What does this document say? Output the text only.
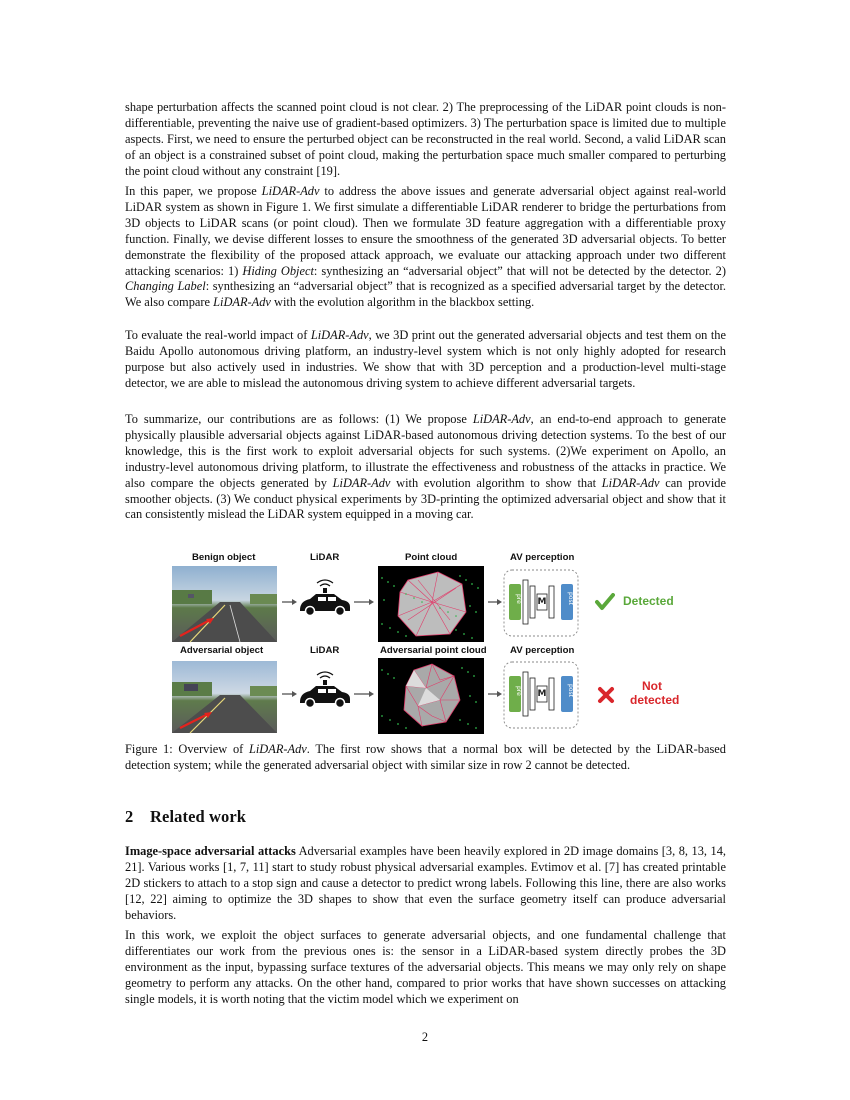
shape perturbation affects the scanned point cloud is not clear. 2) The preprocessing of the LiDAR point clouds is non-differentiable, preventing the naive use of gradient-based optimizers. 3) The perturbation space is limited due to multiple aspects. First, we need to ensure the perturbed object can be reconstructed in the real world. Second, a valid LiDAR scan of an object is a constrained subset of point cloud, making the perturbation space much smaller compared to perturbing the point cloud without any constraint [19].

In this paper, we propose LiDAR-Adv to address the above issues and generate adversarial object against real-world LiDAR system as shown in Figure 1. We first simulate a differentiable LiDAR renderer to bridge the perturbations from 3D objects to LiDAR scans (or point cloud). Then we formulate 3D feature aggregation with a differentiable proxy function. Finally, we devise different losses to ensure the smoothness of the generated 3D adversarial objects. To better demonstrate the flexibility of the proposed attack approach, we evaluate our attacking approach under two different attacking scenarios: 1) Hiding Object: synthesizing an “adversarial object” that will not be detected by the detector. 2) Changing Label: synthesizing an “adversarial object” that is recognized as a specified adversarial target by the detector. We also compare LiDAR-Adv with the evolution algorithm in the blackbox setting.

To evaluate the real-world impact of LiDAR-Adv, we 3D print out the generated adversarial objects and test them on the Baidu Apollo autonomous driving platform, an industry-level system which is not only highly adopted for research purpose but also actively used in industries. We show that with 3D perception and a production-level multi-stage detector, we are able to mislead the autonomous driving system to achieve different adversarial targets.

To summarize, our contributions are as follows: (1) We propose LiDAR-Adv, an end-to-end approach to generate physically plausible adversarial objects against LiDAR-based autonomous driving detection systems. To the best of our knowledge, this is the first work to exploit adversarial objects for such systems. (2)We experiment on Apollo, an industry-level autonomous driving platform, to illustrate the effectiveness and robustness of the attacks in practice. We also compare the objects generated by LiDAR-Adv with evolution algorithm to show that LiDAR-Adv can provide smoother objects. (3) We conduct physical experiments by 3D-printing the optimized adversarial object and show that it can consistently mislead the LiDAR system equipped in a moving car.

Benign object	LiDAR	Point cloud	AV perception
Adversarial object	LiDAR	Adversarial point cloud AV perception
pre	post
M
pre	post
M
Detected
Not
detected

Figure 1: Overview of LiDAR-Adv. The first row shows that a normal box will be detected by the LiDAR-based detection system; while the generated adversarial object with similar size in row 2 cannot be detected.

2 Related work

Image-space adversarial attacks Adversarial examples have been heavily explored in 2D image domains [3, 8, 13, 14, 21]. Various works [1, 7, 11] start to study robust physical adversarial examples. Evtimov et al. [7] has created printable 2D stickers to attach to a stop sign and cause a detector to predict wrong labels. Following this line, there are also works [12, 22] aiming to optimize the 3D shapes to show that even the surface geometry itself can produce adversarial behaviors.

In this work, we exploit the object surfaces to generate adversarial objects, and one fundamental challenge that differentiates our work from the previous ones is: the sensor in a LiDAR-based system directly probes the 3D environment as the input, bypassing surface textures of the adversarial objects. This means we may only rely on shape geometry to perform any attacks. On the other hand, compared to prior works that have shown successes on attacking single models, it is worth noting that the victim model which we experiment on

2
